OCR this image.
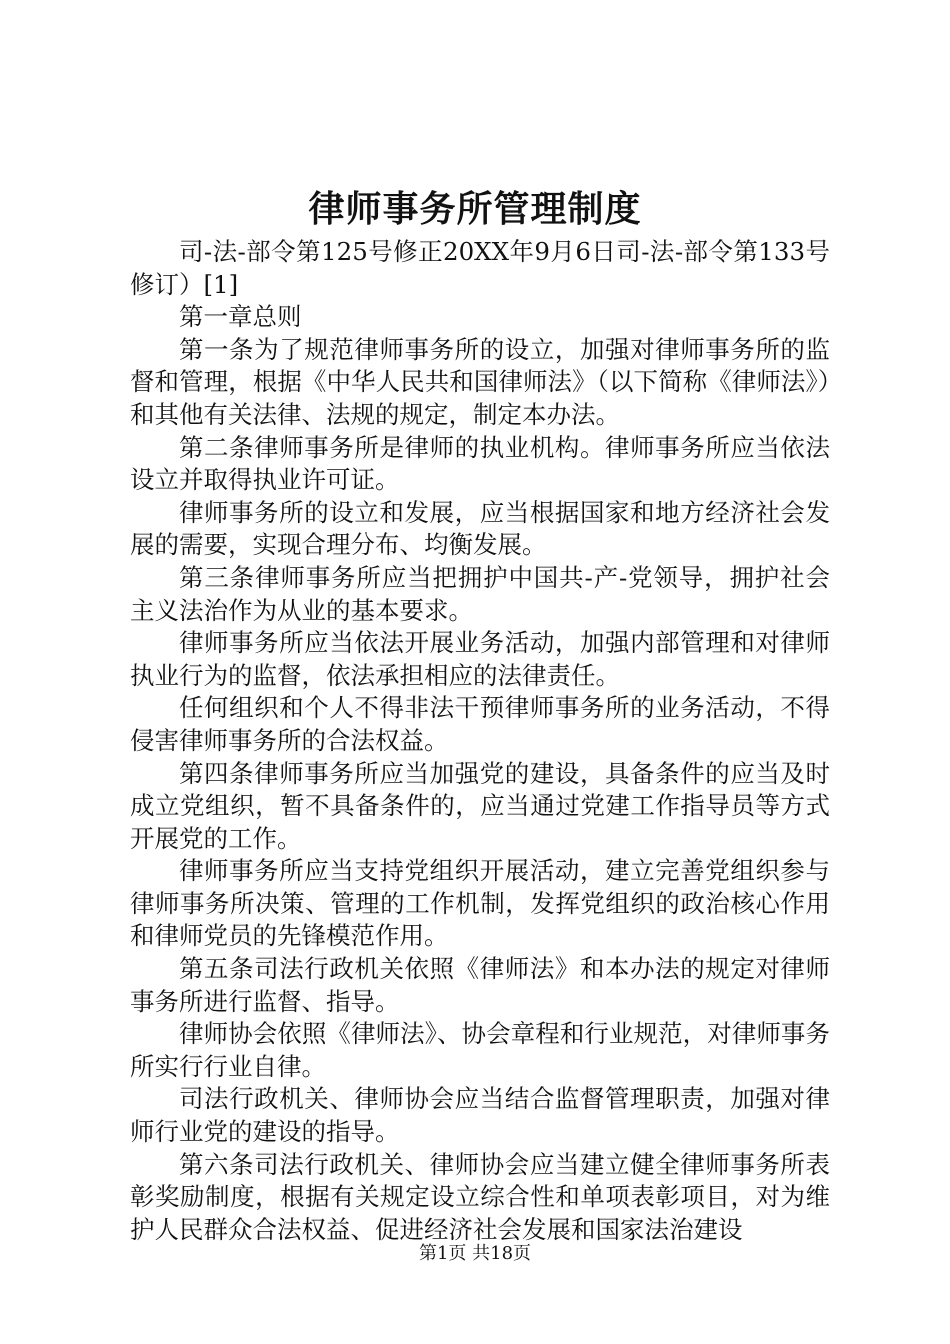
律师事务所管理制度

司-法-部令第125号修正20XX年9月6日司-法-部令第133号修订）[1]

第一章总则

第一条为了规范律师事务所的设立，加强对律师事务所的监督和管理，根据《中华人民共和国律师法》（以下简称《律师法》）和其他有关法律、法规的规定，制定本办法。

第二条律师事务所是律师的执业机构。律师事务所应当依法设立并取得执业许可证。

律师事务所的设立和发展，应当根据国家和地方经济社会发展的需要，实现合理分布、均衡发展。

第三条律师事务所应当把拥护中国共-产-党领导，拥护社会主义法治作为从业的基本要求。

律师事务所应当依法开展业务活动，加强内部管理和对律师执业行为的监督，依法承担相应的法律责任。

任何组织和个人不得非法干预律师事务所的业务活动，不得侵害律师事务所的合法权益。

第四条律师事务所应当加强党的建设，具备条件的应当及时成立党组织，暂不具备条件的，应当通过党建工作指导员等方式开展党的工作。

律师事务所应当支持党组织开展活动，建立完善党组织参与律师事务所决策、管理的工作机制，发挥党组织的政治核心作用和律师党员的先锋模范作用。

第五条司法行政机关依照《律师法》和本办法的规定对律师事务所进行监督、指导。

律师协会依照《律师法》、协会章程和行业规范，对律师事务所实行行业自律。

司法行政机关、律师协会应当结合监督管理职责，加强对律师行业党的建设的指导。

第六条司法行政机关、律师协会应当建立健全律师事务所表彰奖励制度，根据有关规定设立综合性和单项表彰项目，对为维护人民群众合法权益、促进经济社会发展和国家法治建设

第1页 共18页
